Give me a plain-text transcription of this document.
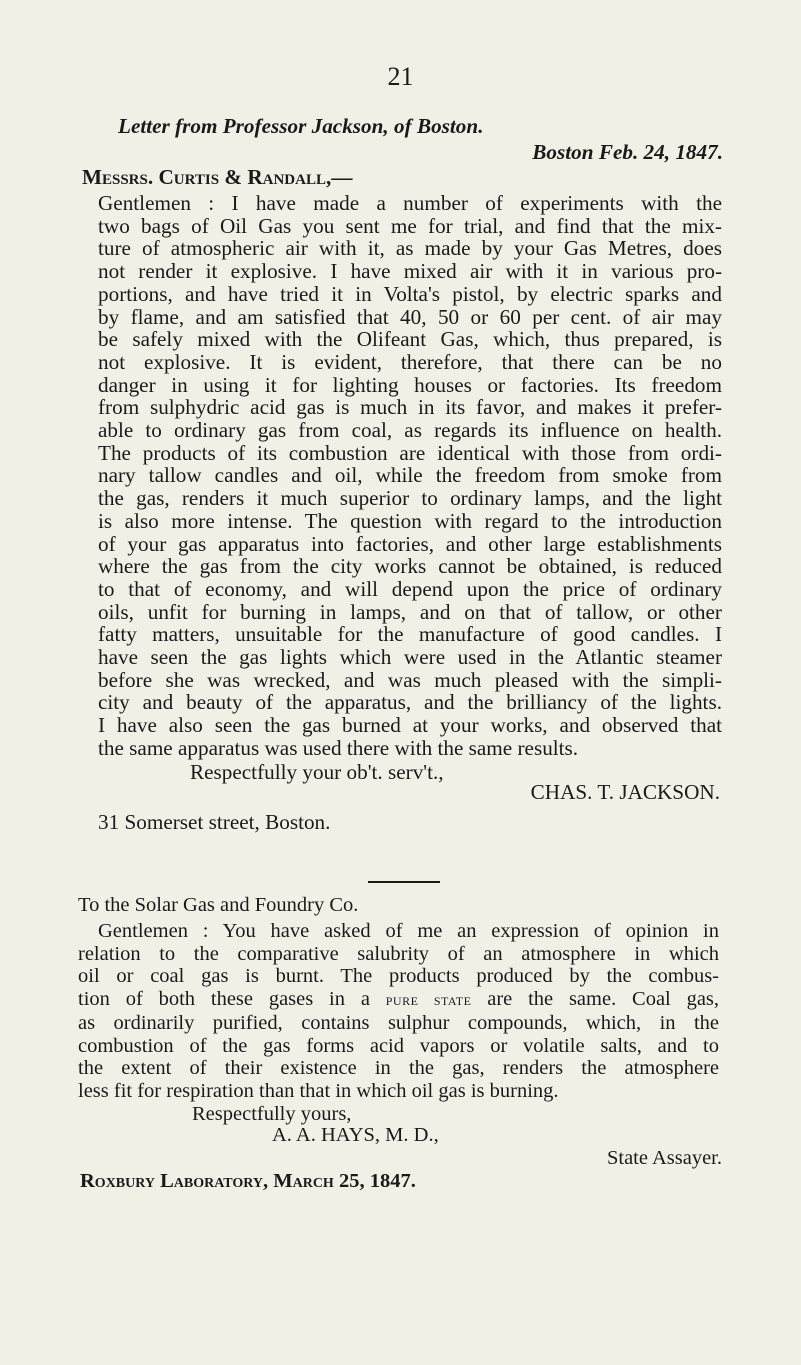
21
Letter from Professor Jackson, of Boston.
Boston Feb. 24, 1847.
Messrs. Curtis & Randall,—
Gentlemen : I have made a number of experiments with the
two bags of Oil Gas you sent me for trial, and find that the mix-
ture of atmospheric air with it, as made by your Gas Metres, does
not render it explosive. I have mixed air with it in various pro-
portions, and have tried it in Volta's pistol, by electric sparks and
by flame, and am satisfied that 40, 50 or 60 per cent. of air may
be safely mixed with the Olifeant Gas, which, thus prepared, is
not explosive. It is evident, therefore, that there can be no
danger in using it for lighting houses or factories. Its freedom
from sulphydric acid gas is much in its favor, and makes it prefer-
able to ordinary gas from coal, as regards its influence on health.
The products of its combustion are identical with those from ordi-
nary tallow candles and oil, while the freedom from smoke from
the gas, renders it much superior to ordinary lamps, and the light
is also more intense. The question with regard to the introduction
of your gas apparatus into factories, and other large establishments
where the gas from the city works cannot be obtained, is reduced
to that of economy, and will depend upon the price of ordinary
oils, unfit for burning in lamps, and on that of tallow, or other
fatty matters, unsuitable for the manufacture of good candles. I
have seen the gas lights which were used in the Atlantic steamer
before she was wrecked, and was much pleased with the simpli-
city and beauty of the apparatus, and the brilliancy of the lights.
I have also seen the gas burned at your works, and observed that
the same apparatus was used there with the same results.
Respectfully your ob't. serv't.,
CHAS. T. JACKSON.
31 Somerset street, Boston.
To the Solar Gas and Foundry Co.
Gentlemen : You have asked of me an expression of opinion in
relation to the comparative salubrity of an atmosphere in which
oil or coal gas is burnt. The products produced by the combus-
tion of both these gases in a pure state are the same. Coal gas,
as ordinarily purified, contains sulphur compounds, which, in the
combustion of the gas forms acid vapors or volatile salts, and to
the extent of their existence in the gas, renders the atmosphere
less fit for respiration than that in which oil gas is burning.
Respectfully yours,
A. A. HAYS, M. D.,
State Assayer.
Roxbury Laboratory, March 25, 1847.
